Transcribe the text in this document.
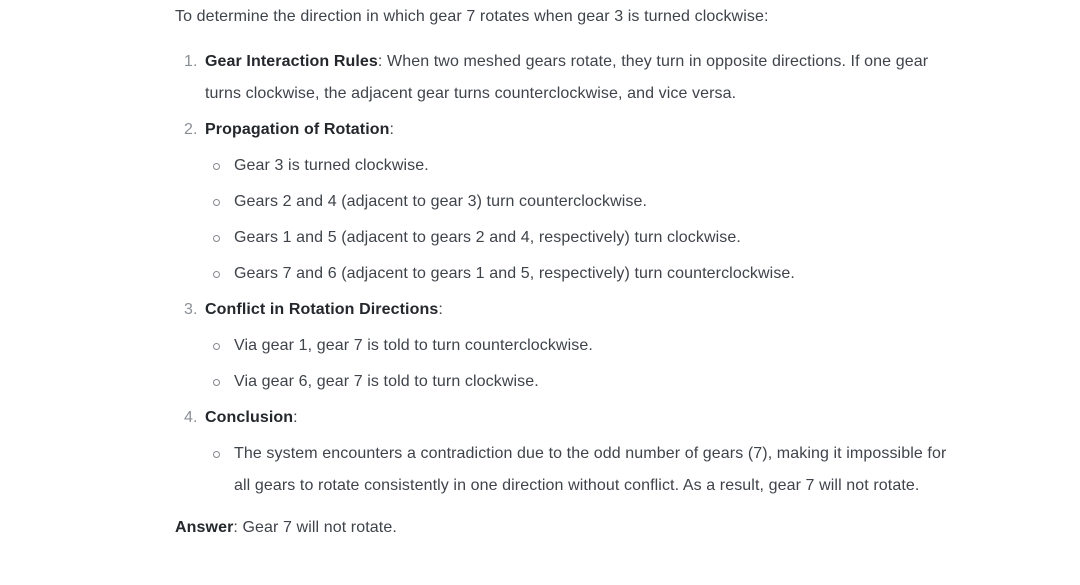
To determine the direction in which gear 7 rotates when gear 3 is turned clockwise:

1. Gear Interaction Rules: When two meshed gears rotate, they turn in opposite directions. If one gear turns clockwise, the adjacent gear turns counterclockwise, and vice versa.

2. Propagation of Rotation:

Gear 3 is turned clockwise.
Gears 2 and 4 (adjacent to gear 3) turn counterclockwise.
Gears 1 and 5 (adjacent to gears 2 and 4, respectively) turn clockwise.
Gears 7 and 6 (adjacent to gears 1 and 5, respectively) turn counterclockwise.
3. Conflict in Rotation Directions:

Via gear 1, gear 7 is told to turn counterclockwise.
Via gear 6, gear 7 is told to turn clockwise.
4. Conclusion:

The system encounters a contradiction due to the odd number of gears (7), making it impossible for all gears to rotate consistently in one direction without conflict. As a result, gear 7 will not rotate.

Answer: Gear 7 will not rotate.
